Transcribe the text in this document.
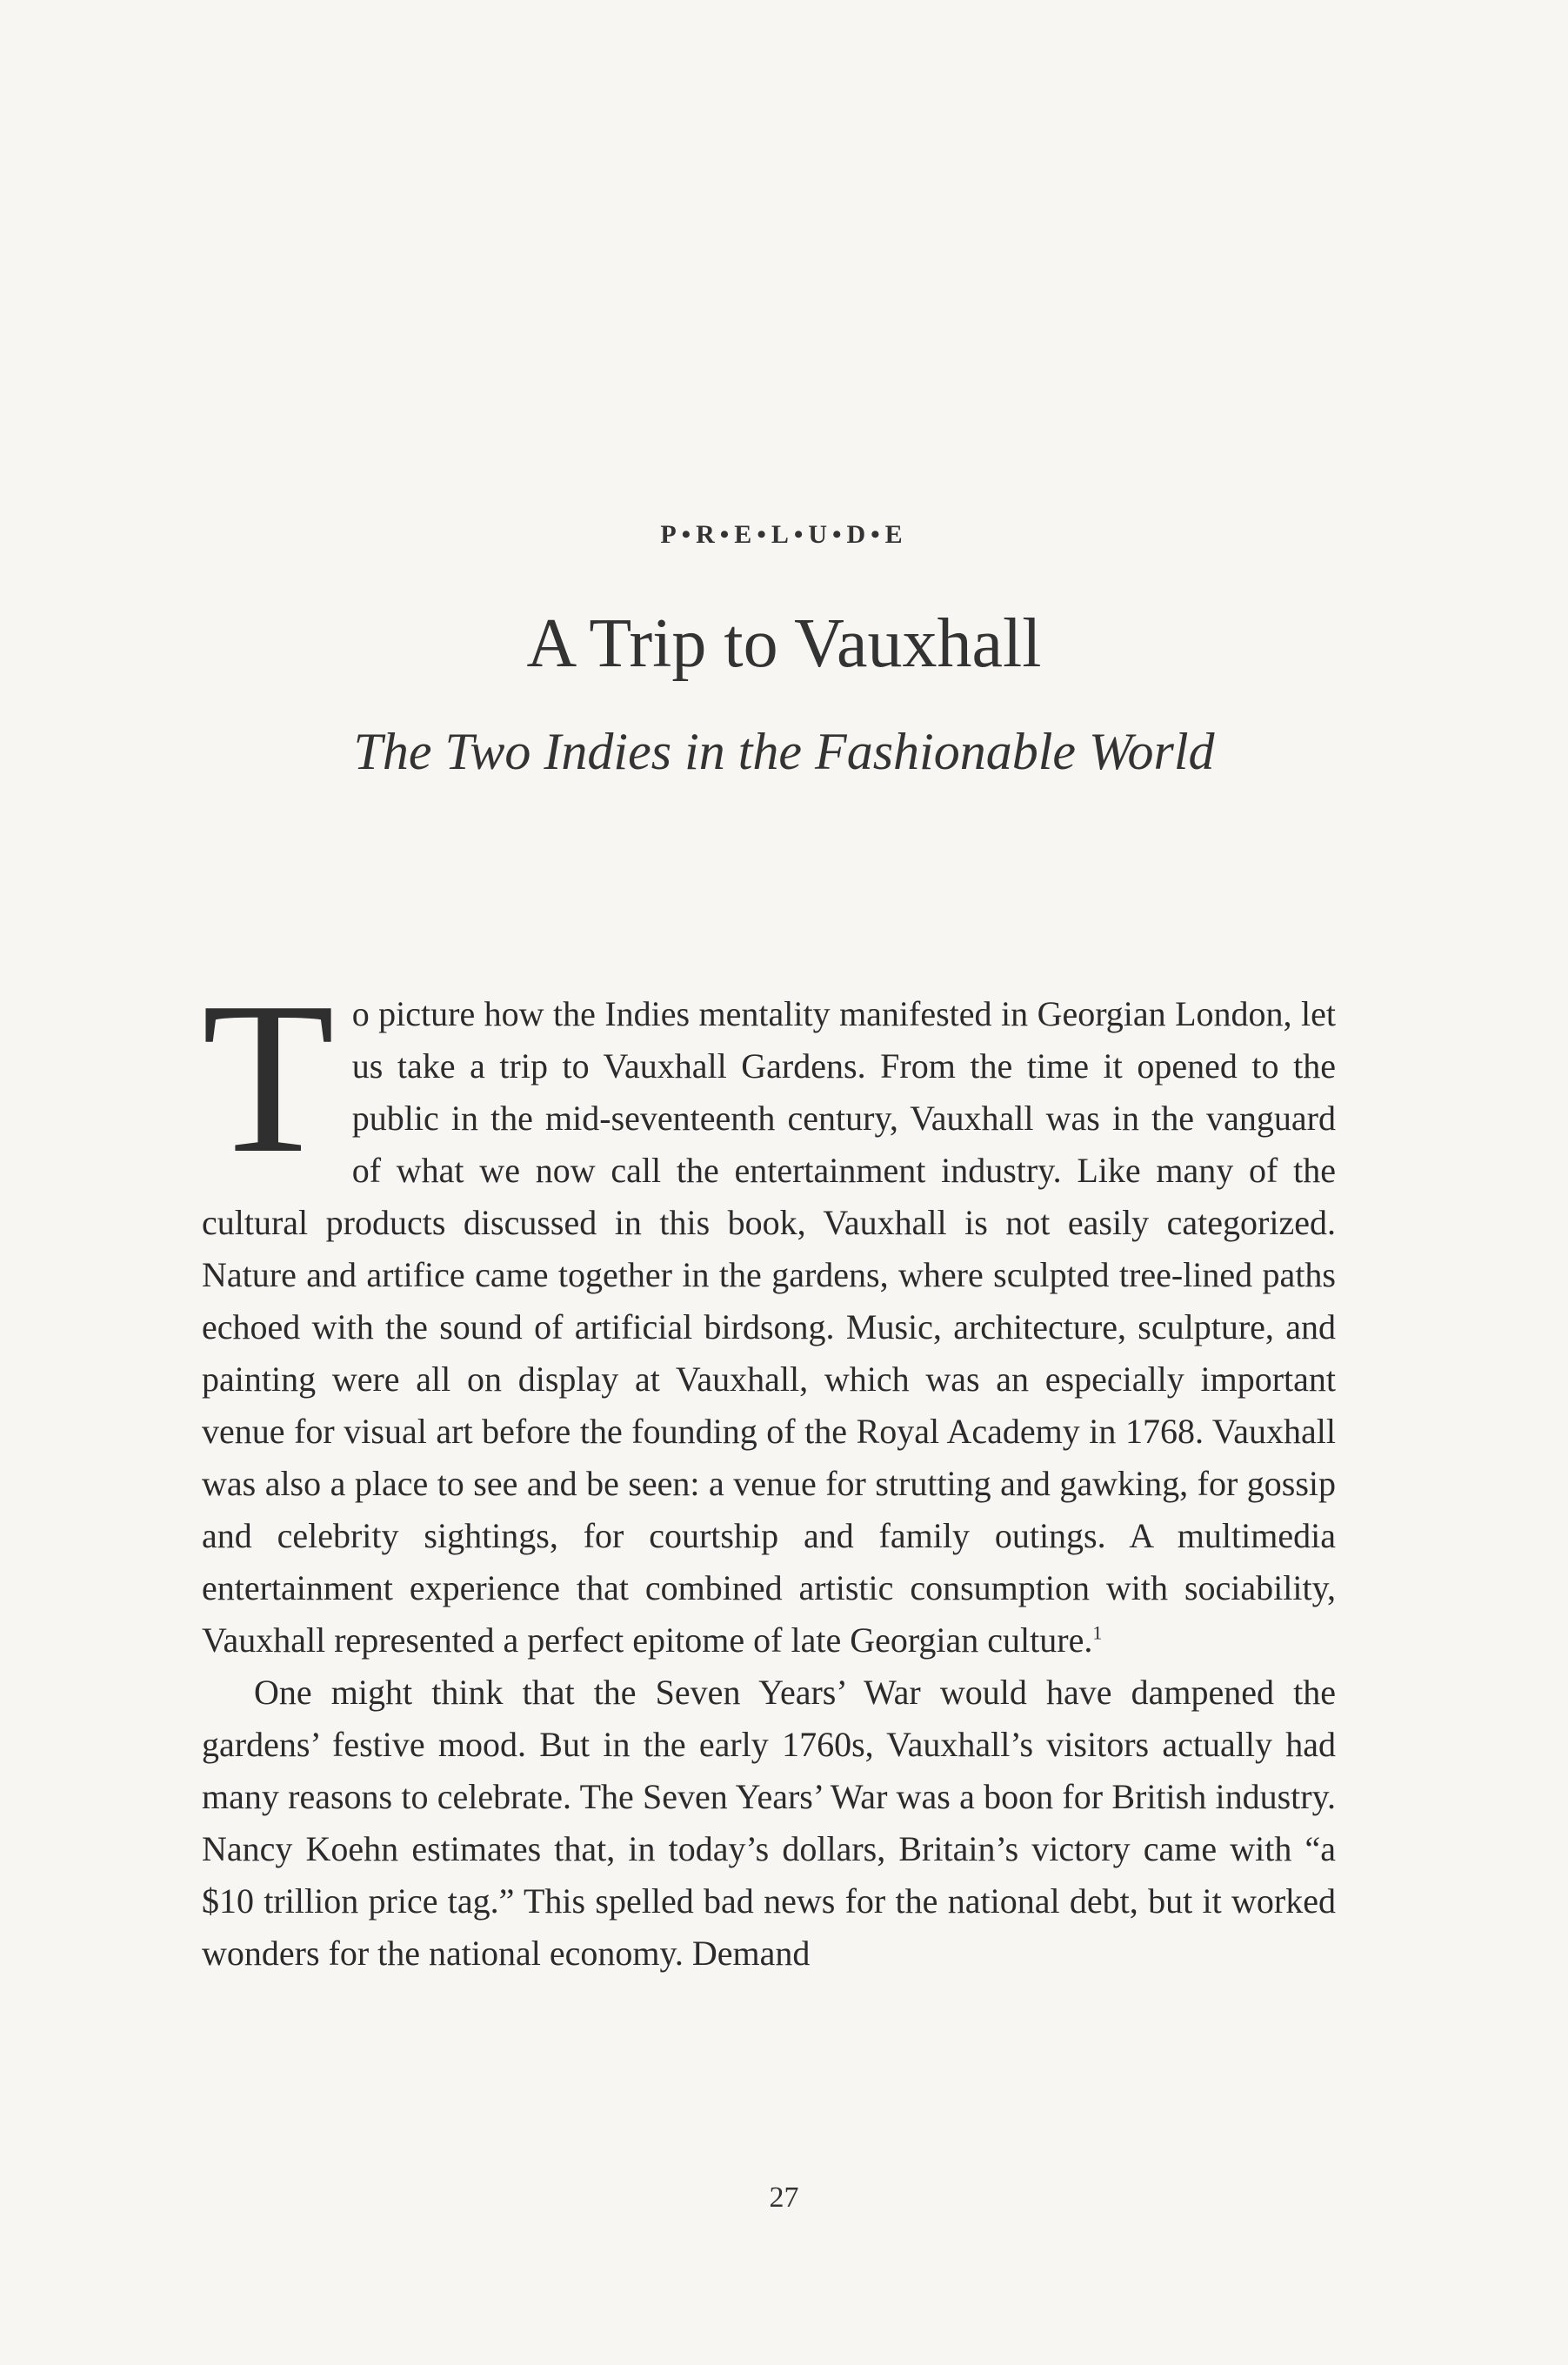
P•R•E•L•U•D•E
A Trip to Vauxhall
The Two Indies in the Fashionable World

To picture how the Indies mentality manifested in Georgian London, let us take a trip to Vauxhall Gardens. From the time it opened to the public in the mid-seventeenth century, Vauxhall was in the vanguard of what we now call the entertainment industry. Like many of the cultural products discussed in this book, Vauxhall is not easily categorized. Nature and artifice came together in the gardens, where sculpted tree-lined paths echoed with the sound of artificial birdsong. Music, architecture, sculpture, and painting were all on display at Vauxhall, which was an especially important venue for visual art before the founding of the Royal Academy in 1768. Vauxhall was also a place to see and be seen: a venue for strutting and gawking, for gossip and celebrity sightings, for courtship and family outings. A multimedia entertainment experience that combined artistic consumption with sociability, Vauxhall represented a perfect epitome of late Georgian culture.$^1$

One might think that the Seven Years’ War would have dampened the gardens’ festive mood. But in the early 1760s, Vauxhall’s visitors actually had many reasons to celebrate. The Seven Years’ War was a boon for British industry. Nancy Koehn estimates that, in today’s dollars, Britain’s victory came with “a $10 trillion price tag.” This spelled bad news for the national debt, but it worked wonders for the national economy. Demand

27
